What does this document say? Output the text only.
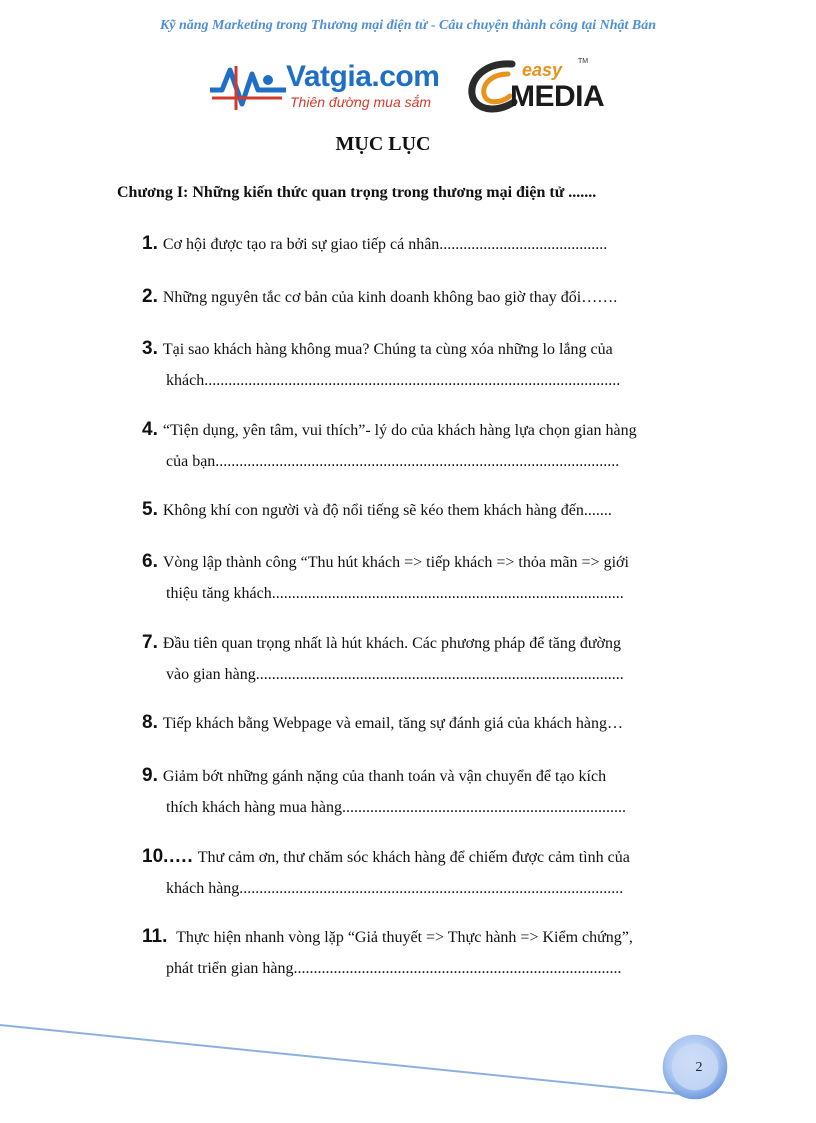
Kỹ năng Marketing trong Thương mại điện tử - Câu chuyện thành công tại Nhật Bản
Vatgia.com
Thiên đường mua sắm
easy TM
MEDIA
MỤC LỤC
Chương I: Những kiến thức quan trọng trong thương mại điện tử .......
1. Cơ hội được tạo ra bởi sự giao tiếp cá nhân..........................................
2. Những nguyên tắc cơ bản của kinh doanh không bao giờ thay đổi…….
3. Tại sao khách hàng không mua? Chúng ta cùng xóa những lo lắng của
khách........................................................................................................
4. “Tiện dụng, yên tâm, vui thích”- lý do của khách hàng lựa chọn gian hàng
của bạn.....................................................................................................
5. Không khí con người và độ nổi tiếng sẽ kéo them khách hàng đến.......
6. Vòng lập thành công “Thu hút khách => tiếp khách => thỏa mãn => giới
thiệu tăng khách........................................................................................
7. Đầu tiên quan trọng nhất là hút khách. Các phương pháp để tăng đường
vào gian hàng............................................................................................
8. Tiếp khách bằng Webpage và email, tăng sự đánh giá của khách hàng…
9. Giảm bớt những gánh nặng của thanh toán và vận chuyển để tạo kích
thích khách hàng mua hàng.......................................................................
10.…. Thư cảm ơn, thư chăm sóc khách hàng để chiếm được cảm tình của
khách hàng................................................................................................
11. Thực hiện nhanh vòng lặp “Giả thuyết => Thực hành => Kiểm chứng”,
phát triển gian hàng..................................................................................
2
